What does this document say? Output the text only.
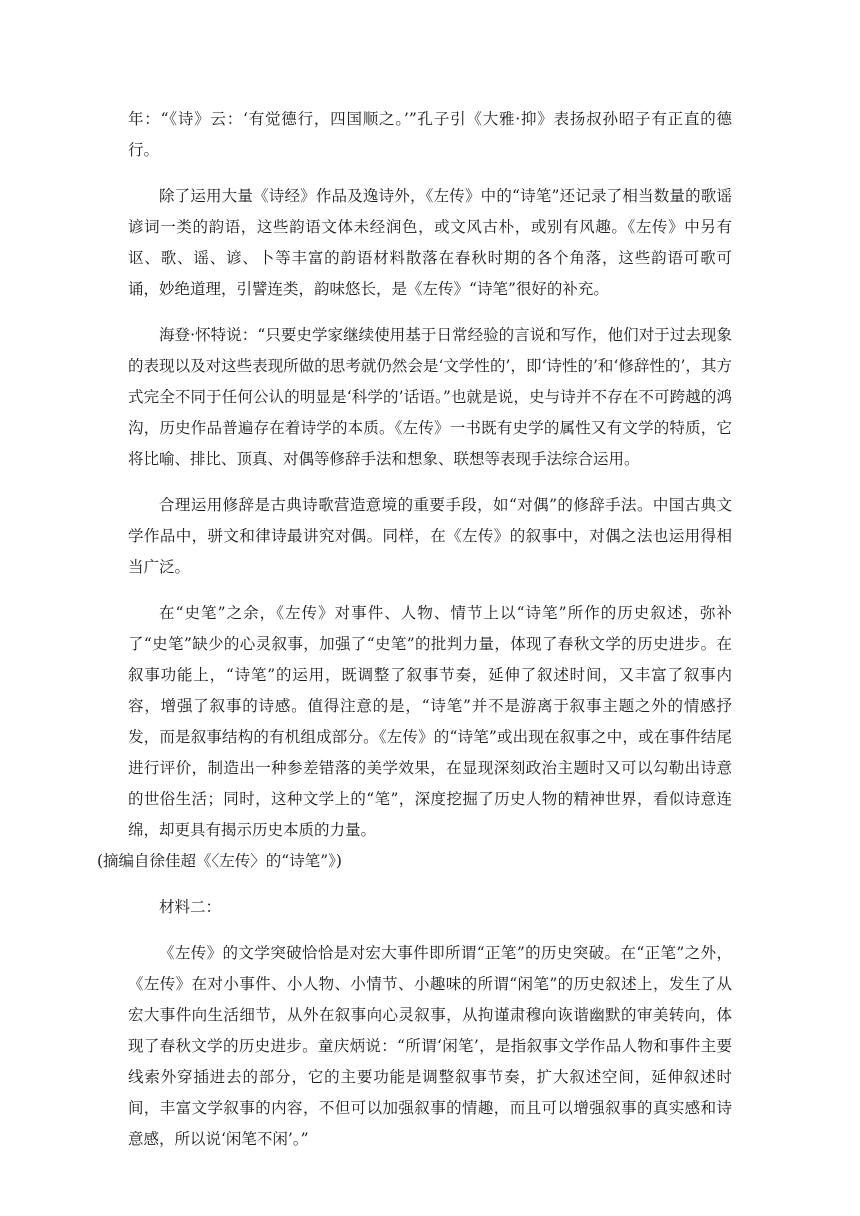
年：“《诗》云：‘有觉德行，四国顺之。’”孔子引《大雅·抑》表扬叔孙昭子有正直的德行。

除了运用大量《诗经》作品及逸诗外，《左传》中的“诗笔”还记录了相当数量的歌谣谚词一类的韵语，这些韵语文体未经润色，或文风古朴，或别有风趣。《左传》中另有讴、歌、谣、谚、卜等丰富的韵语材料散落在春秋时期的各个角落，这些韵语可歌可诵，妙绝道理，引譬连类，韵味悠长，是《左传》“诗笔”很好的补充。

海登·怀特说：“只要史学家继续使用基于日常经验的言说和写作，他们对于过去现象的表现以及对这些表现所做的思考就仍然会是‘文学性的’，即‘诗性的’和‘修辞性的’，其方式完全不同于任何公认的明显是‘科学的’话语。”也就是说，史与诗并不存在不可跨越的鸿沟，历史作品普遍存在着诗学的本质。《左传》一书既有史学的属性又有文学的特质，它将比喻、排比、顶真、对偶等修辞手法和想象、联想等表现手法综合运用。

合理运用修辞是古典诗歌营造意境的重要手段，如“对偶”的修辞手法。中国古典文学作品中，骈文和律诗最讲究对偶。同样，在《左传》的叙事中，对偶之法也运用得相当广泛。

在“史笔”之余，《左传》对事件、人物、情节上以“诗笔”所作的历史叙述，弥补了“史笔”缺少的心灵叙事，加强了“史笔”的批判力量，体现了春秋文学的历史进步。在叙事功能上，“诗笔”的运用，既调整了叙事节奏，延伸了叙述时间，又丰富了叙事内容，增强了叙事的诗感。值得注意的是，“诗笔”并不是游离于叙事主题之外的情感抒发，而是叙事结构的有机组成部分。《左传》的“诗笔”或出现在叙事之中，或在事件结尾进行评价，制造出一种参差错落的美学效果，在显现深刻政治主题时又可以勾勒出诗意的世俗生活；同时，这种文学上的“笔”，深度挖掘了历史人物的精神世界，看似诗意连绵，却更具有揭示历史本质的力量。
(摘编自徐佳超《〈左传〉的“诗笔”》)

材料二：

《左传》的文学突破恰恰是对宏大事件即所谓“正笔”的历史突破。在“正笔”之外，《左传》在对小事件、小人物、小情节、小趣味的所谓“闲笔”的历史叙述上，发生了从宏大事件向生活细节，从外在叙事向心灵叙事，从拘谨肃穆向诙谐幽默的审美转向，体现了春秋文学的历史进步。童庆炳说：“所谓‘闲笔’，是指叙事文学作品人物和事件主要线索外穿插进去的部分，它的主要功能是调整叙事节奏，扩大叙述空间，延伸叙述时间，丰富文学叙事的内容，不但可以加强叙事的情趣，而且可以增强叙事的真实感和诗意感，所以说‘闲笔不闲’。”
